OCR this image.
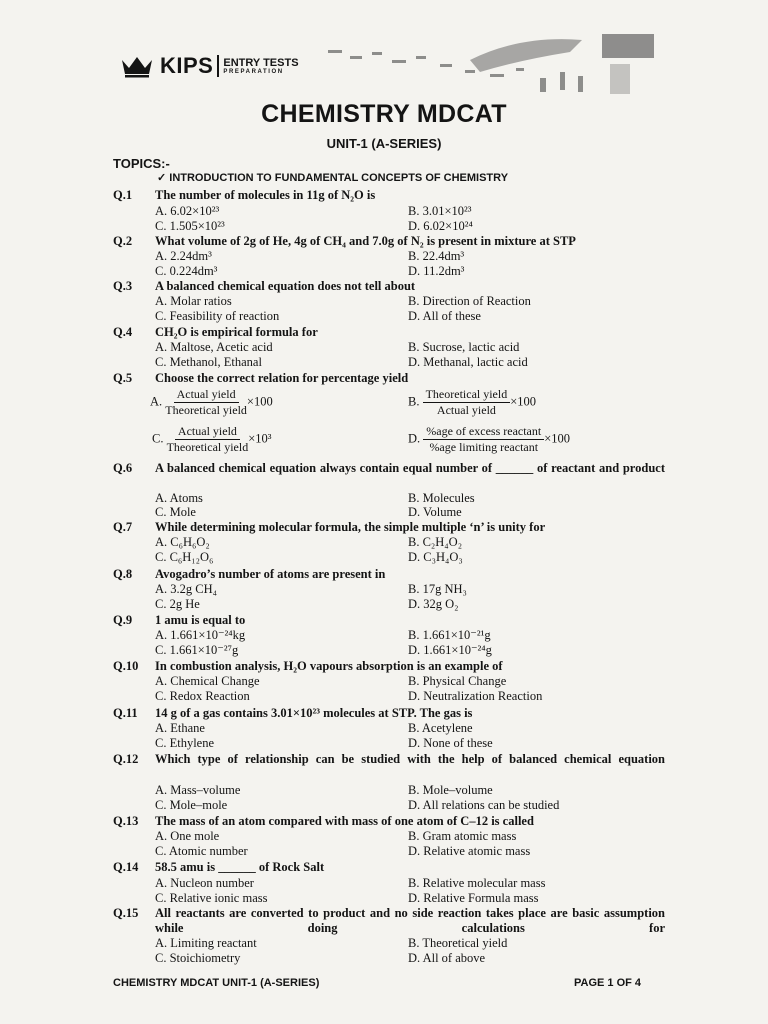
KIPS ENTRY TESTS
PREPARATION
CHEMISTRY MDCAT
UNIT-1 (A-SERIES)
TOPICS:-
✓ INTRODUCTION TO FUNDAMENTAL CONCEPTS OF CHEMISTRY
Q.1 The number of molecules in 11g of N₂O is
A. 6.02×10²³	B. 3.01×10²³
C. 1.505×10²³	D. 6.02×10²⁴
Q.2 What volume of 2g of He, 4g of CH₄ and 7.0g of N₂ is present in mixture at STP
A. 2.24dm³	B. 22.4dm³
C. 0.224dm³	D. 11.2dm³
Q.3 A balanced chemical equation does not tell about
A. Molar ratios	B. Direction of Reaction
C. Feasibility of reaction	D. All of these
Q.4 CH₂O is empirical formula for
A. Maltose, Acetic acid	B. Sucrose, lactic acid
C. Methanol, Ethanal	D. Methanal, lactic acid
Q.5 Choose the correct relation for percentage yield
A. $\frac{\text{Actual yield}}{\text{Theoretical yield}} \times 100$	B. $\frac{\text{Theoretical yield}}{\text{Actual yield}} \times 100$
C. $\frac{\text{Actual yield}}{\text{Theoretical yield}} \times 10^3$	D. $\frac{\text{\%age of excess reactant}}{\text{\%age limiting reactant}} \times 100$
Q.6 A balanced chemical equation always contain equal number of ______ of reactant and product
A. Atoms	B. Molecules
C. Mole	D. Volume
Q.7 While determining molecular formula, the simple multiple ‘n’ is unity for
A. C₆H₆O₂	B. C₂H₄O₂
C. C₆H₁₂O₆	D. C₃H₄O₃
Q.8 Avogadro’s number of atoms are present in
A. 3.2g CH₄	B. 17g NH₃
C. 2g He	D. 32g O₂
Q.9 1 amu is equal to
A. 1.661×10⁻²⁴kg	B. 1.661×10⁻²¹g
C. 1.661×10⁻²⁷g	D. 1.661×10⁻²⁴g
Q.10 In combustion analysis, H₂O vapours absorption is an example of
A. Chemical Change	B. Physical Change
C. Redox Reaction	D. Neutralization Reaction
Q.11 14 g of a gas contains 3.01×10²³ molecules at STP. The gas is
A. Ethane	B. Acetylene
C. Ethylene	D. None of these
Q.12 Which type of relationship can be studied with the help of balanced chemical equation
A. Mass–volume	B. Mole–volume
C. Mole–mole	D. All relations can be studied
Q.13 The mass of an atom compared with mass of one atom of C–12 is called
A. One mole	B. Gram atomic mass
C. Atomic number	D. Relative atomic mass
Q.14 58.5 amu is ______ of Rock Salt
A. Nucleon number	B. Relative molecular mass
C. Relative ionic mass	D. Relative Formula mass
Q.15 All reactants are converted to product and no side reaction takes place are basic assumption while doing calculations for
A. Limiting reactant	B. Theoretical yield
C. Stoichiometry	D. All of above
CHEMISTRY MDCAT UNIT-1 (A-SERIES)	PAGE 1 OF 4
